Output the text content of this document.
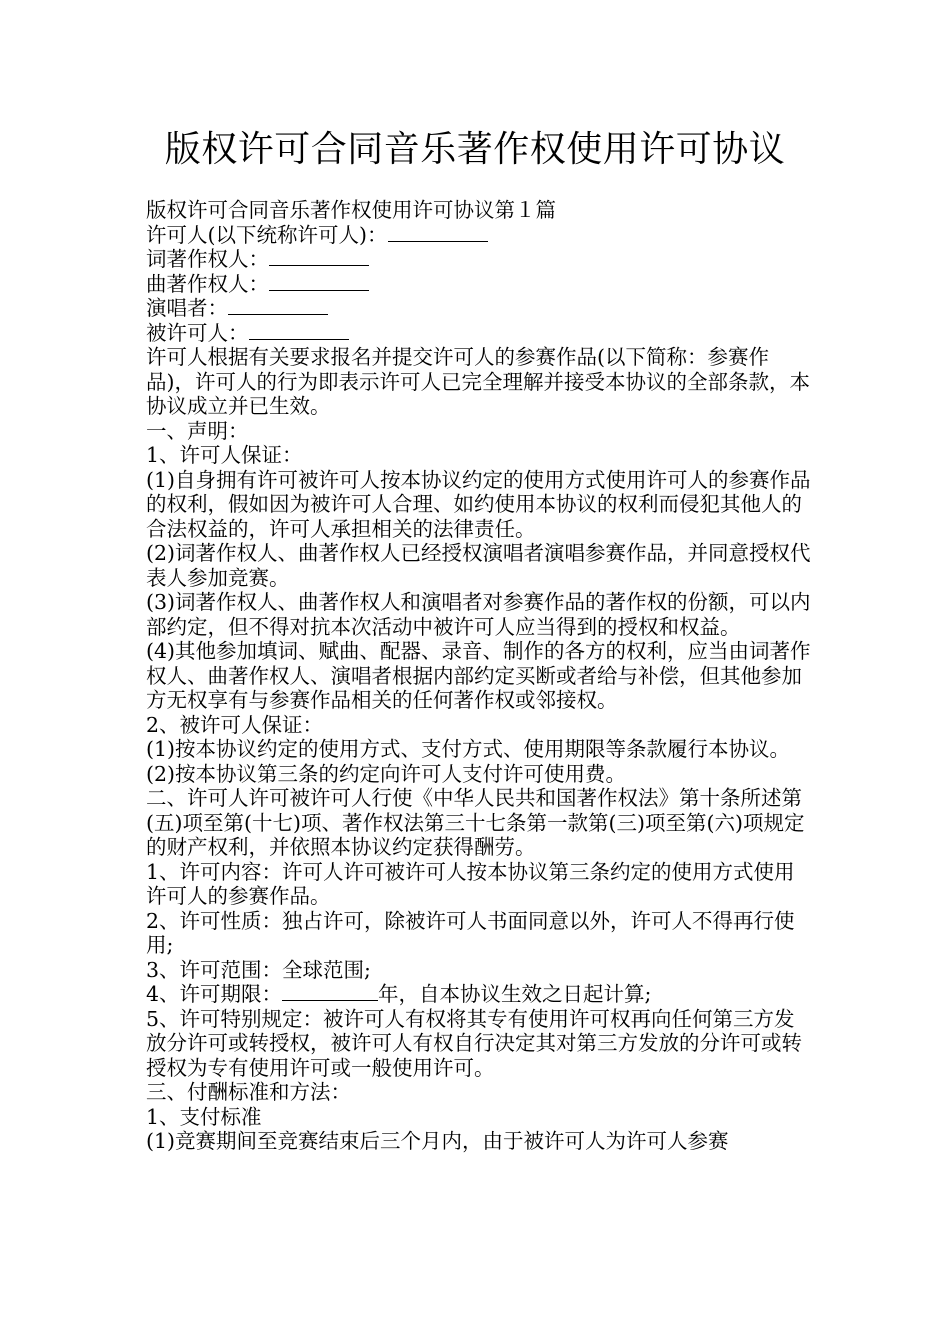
版权许可合同音乐著作权使用许可协议

版权许可合同音乐著作权使用许可协议第１篇

许可人(以下统称许可人)：

词著作权人：

曲著作权人：

演唱者：

被许可人：

许可人根据有关要求报名并提交许可人的参赛作品(以下简称：参赛作品)，许可人的行为即表示许可人已完全理解并接受本协议的全部条款，本协议成立并已生效。

一、声明：

1、许可人保证：

(1)自身拥有许可被许可人按本协议约定的使用方式使用许可人的参赛作品的权利，假如因为被许可人合理、如约使用本协议的权利而侵犯其他人的合法权益的，许可人承担相关的法律责任。

(2)词著作权人、曲著作权人已经授权演唱者演唱参赛作品，并同意授权代表人参加竞赛。

(3)词著作权人、曲著作权人和演唱者对参赛作品的著作权的份额，可以内部约定，但不得对抗本次活动中被许可人应当得到的授权和权益。

(4)其他参加填词、赋曲、配器、录音、制作的各方的权利，应当由词著作权人、曲著作权人、演唱者根据内部约定买断或者给与补偿，但其他参加方无权享有与参赛作品相关的任何著作权或邻接权。

2、被许可人保证：

(1)按本协议约定的使用方式、支付方式、使用期限等条款履行本协议。

(2)按本协议第三条的约定向许可人支付许可使用费。

二、许可人许可被许可人行使《中华人民共和国著作权法》第十条所述第(五)项至第(十七)项、著作权法第三十七条第一款第(三)项至第(六)项规定的财产权利，并依照本协议约定获得酬劳。

1、许可内容：许可人许可被许可人按本协议第三条约定的使用方式使用许可人的参赛作品。

2、许可性质：独占许可，除被许可人书面同意以外，许可人不得再行使用;

3、许可范围：全球范围;

4、许可期限：	年，自本协议生效之日起计算;

5、许可特别规定：被许可人有权将其专有使用许可权再向任何第三方发放分许可或转授权，被许可人有权自行决定其对第三方发放的分许可或转授权为专有使用许可或一般使用许可。

三、付酬标准和方法：

1、支付标准

(1)竞赛期间至竞赛结束后三个月内，由于被许可人为许可人参赛
